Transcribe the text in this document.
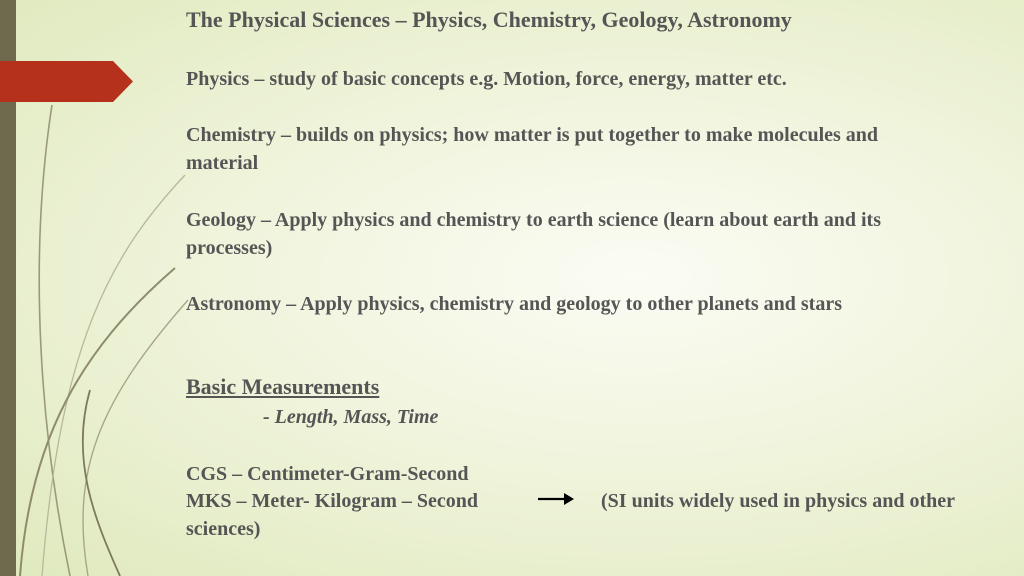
The Physical Sciences – Physics, Chemistry, Geology, Astronomy

Physics – study of basic concepts e.g. Motion, force, energy, matter etc.

Chemistry – builds on physics; how matter is put together to make molecules and

material

Geology – Apply physics and chemistry to earth science (learn about earth and its

processes)

Astronomy – Apply physics, chemistry and geology to other planets and stars

Basic Measurements

- Length, Mass, Time

CGS – Centimeter-Gram-Second

MKS – Meter- Kilogram – Second	(SI units widely used in physics and other

sciences)
